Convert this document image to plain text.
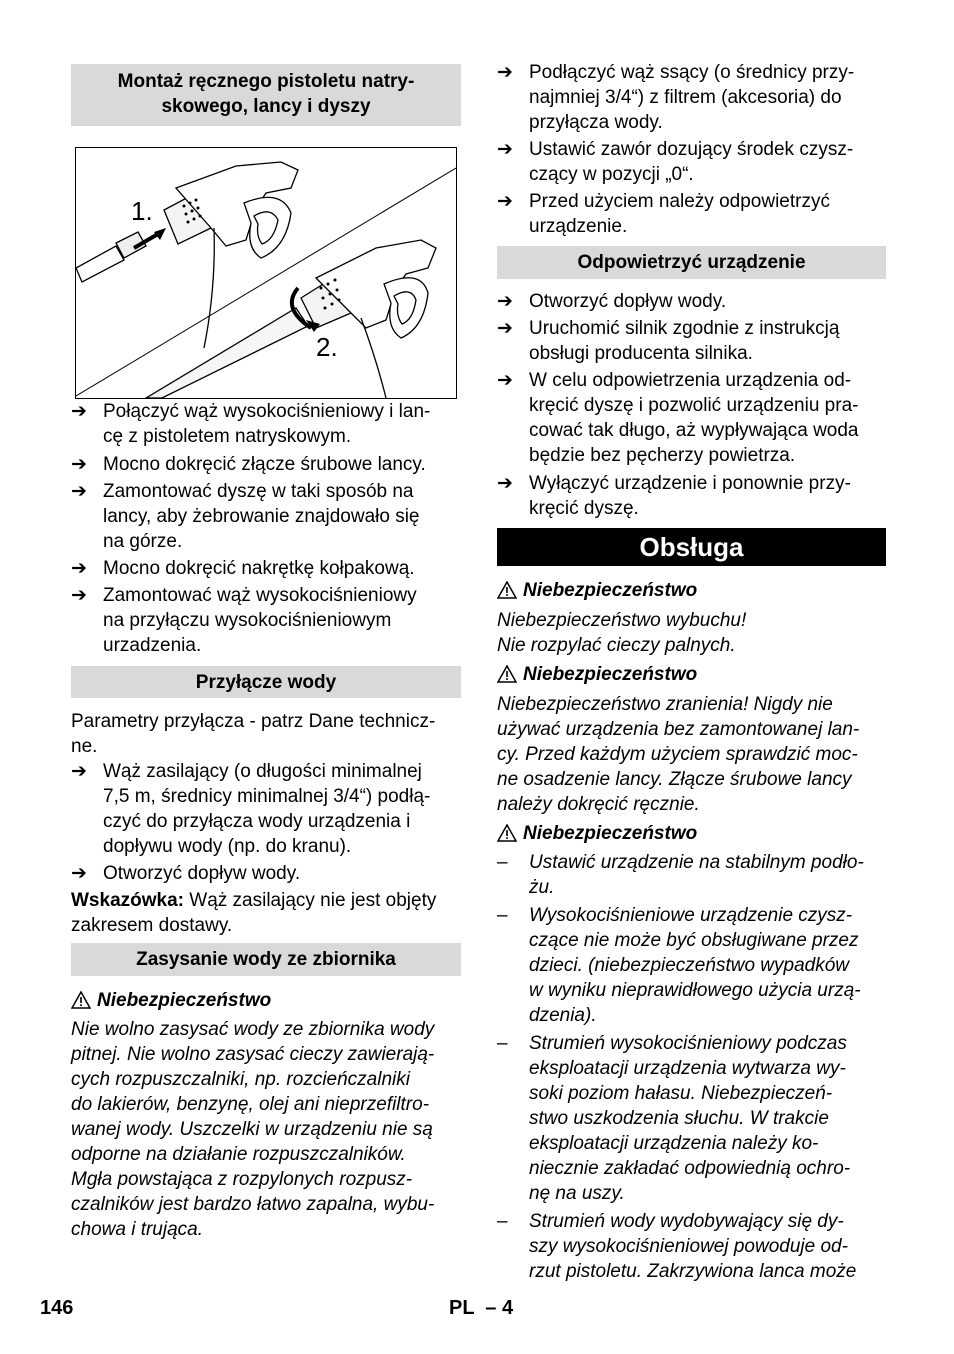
Montaż ręcznego pistoletu natry-
skowego, lancy i dyszy
➔ Połączyć wąż wysokociśnieniowy i lan-
cę z pistoletem natryskowym.
➔ Mocno dokręcić złącze śrubowe lancy.
➔ Zamontować dyszę w taki sposób na
lancy, aby żebrowanie znajdowało się
na górze.
➔ Mocno dokręcić nakrętkę kołpakową.
➔ Zamontować wąż wysokociśnieniowy
na przyłączu wysokociśnieniowym
urzadzenia.
Przyłącze wody
Parametry przyłącza - patrz Dane technicz-
ne.
➔ Wąż zasilający (o długości minimalnej
7,5 m, średnicy minimalnej 3/4“) podłą-
czyć do przyłącza wody urządzenia i
dopływu wody (np. do kranu).
➔ Otworzyć dopływ wody.
Wskazówka: Wąż zasilający nie jest objęty
zakresem dostawy.
Zasysanie wody ze zbiornika
Niebezpieczeństwo
Nie wolno zasysać wody ze zbiornika wody
pitnej. Nie wolno zasysać cieczy zawierają-
cych rozpuszczalniki, np. rozcieńczalniki
do lakierów, benzynę, olej ani nieprzefiltro-
wanej wody. Uszczelki w urządzeniu nie są
odporne na działanie rozpuszczalników.
Mgła powstająca z rozpylonych rozpusz-
czalników jest bardzo łatwo zapalna, wybu-
chowa i trująca.
1.
2.
➔ Podłączyć wąż ssący (o średnicy przy-
najmniej 3/4“) z filtrem (akcesoria) do
przyłącza wody.
➔ Ustawić zawór dozujący środek czysz-
czący w pozycji „0“.
➔ Przed użyciem należy odpowietrzyć
urządzenie.
Odpowietrzyć urządzenie
➔ Otworzyć dopływ wody.
➔ Uruchomić silnik zgodnie z instrukcją
obsługi producenta silnika.
➔ W celu odpowietrzenia urządzenia od-
kręcić dyszę i pozwolić urządzeniu pra-
cować tak długo, aż wypływająca woda
będzie bez pęcherzy powietrza.
➔ Wyłączyć urządzenie i ponownie przy-
kręcić dyszę.
Obsługa
Niebezpieczeństwo
Niebezpieczeństwo wybuchu!
Nie rozpylać cieczy palnych.
Niebezpieczeństwo
Niebezpieczeństwo zranienia! Nigdy nie
używać urządzenia bez zamontowanej lan-
cy. Przed każdym użyciem sprawdzić moc-
ne osadzenie lancy. Złącze śrubowe lancy
należy dokręcić ręcznie.
Niebezpieczeństwo
– Ustawić urządzenie na stabilnym podło-
żu.
– Wysokociśnieniowe urządzenie czysz-
czące nie może być obsługiwane przez
dzieci. (niebezpieczeństwo wypadków
w wyniku nieprawidłowego użycia urzą-
dzenia).
– Strumień wysokociśnieniowy podczas
eksploatacji urządzenia wytwarza wy-
soki poziom hałasu. Niebezpieczeń-
stwo uszkodzenia słuchu. W trakcie
eksploatacji urządzenia należy ko-
niecznie zakładać odpowiednią ochro-
nę na uszy.
– Strumień wody wydobywający się dy-
szy wysokociśnieniowej powoduje od-
rzut pistoletu. Zakrzywiona lanca może
146	PL  – 4
